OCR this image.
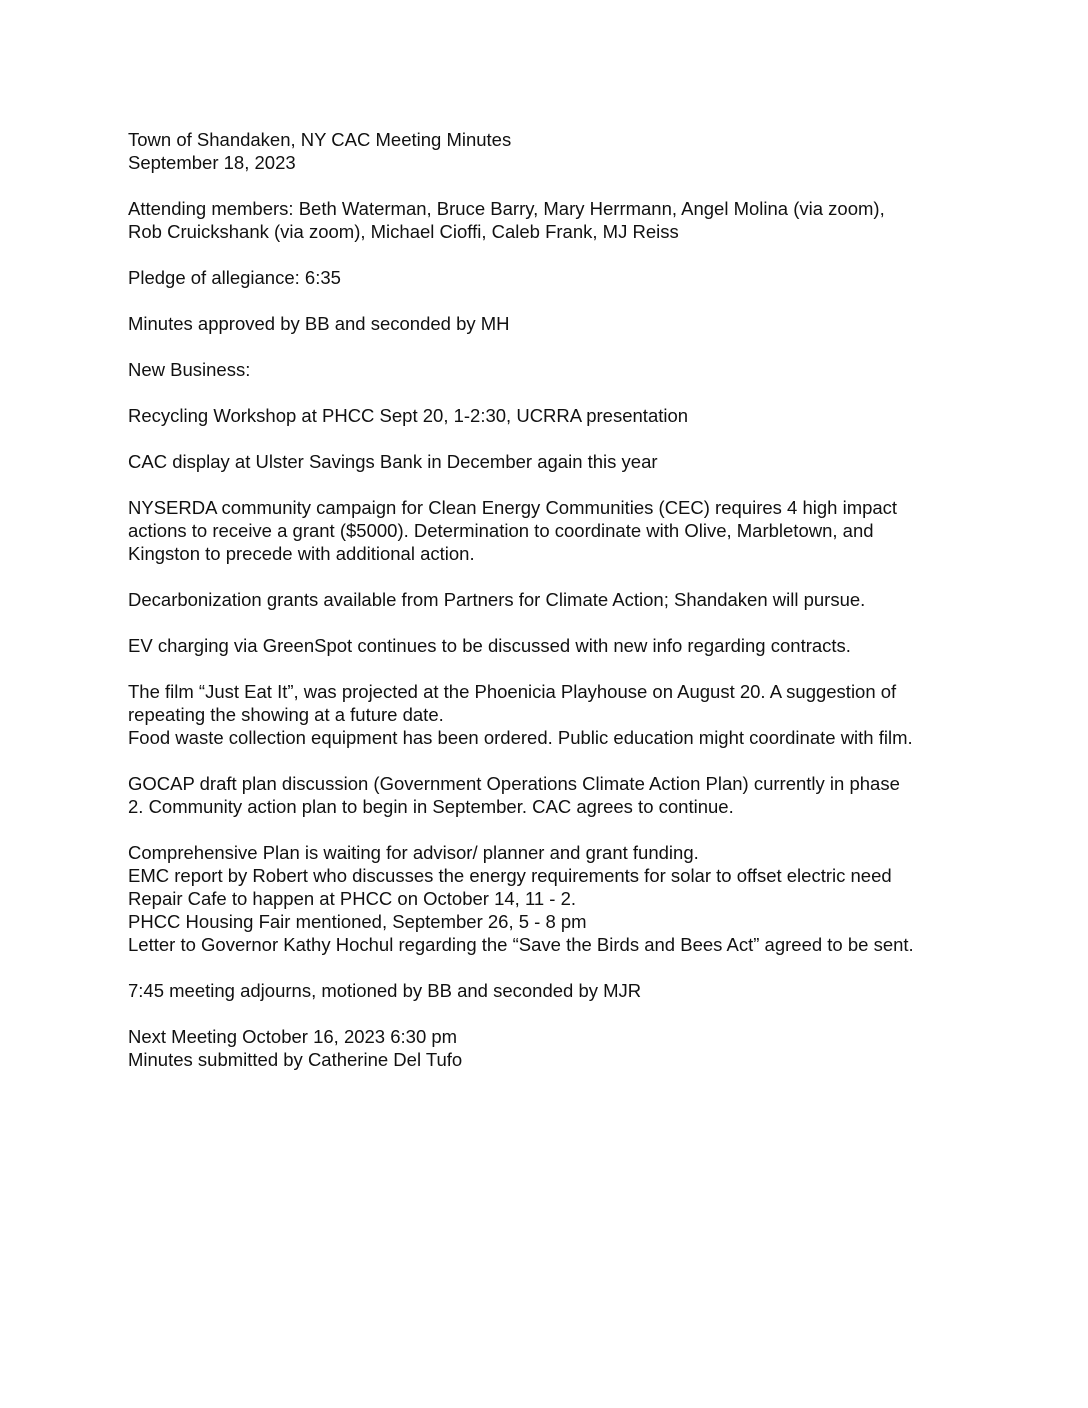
Town of Shandaken, NY CAC Meeting Minutes
September 18, 2023
Attending members: Beth Waterman, Bruce Barry, Mary Herrmann, Angel Molina (via zoom),
Rob Cruickshank (via zoom), Michael Cioffi, Caleb Frank, MJ Reiss
Pledge of allegiance: 6:35
Minutes approved by BB and seconded by MH
New Business:
Recycling Workshop at PHCC Sept 20, 1-2:30, UCRRA presentation
CAC display at Ulster Savings Bank in December again this year
NYSERDA community campaign for Clean Energy Communities (CEC) requires 4 high impact
actions to receive a grant ($5000). Determination to coordinate with Olive, Marbletown, and
Kingston to precede with additional action.
Decarbonization grants available from Partners for Climate Action; Shandaken will pursue.
EV charging via GreenSpot continues to be discussed with new info regarding contracts.
The film “Just Eat It”, was projected at the Phoenicia Playhouse on August 20. A suggestion of
repeating the showing at a future date.
Food waste collection equipment has been ordered. Public education might coordinate with film.
GOCAP draft plan discussion (Government Operations Climate Action Plan) currently in phase
2. Community action plan to begin in September. CAC agrees to continue.
Comprehensive Plan is waiting for advisor/ planner and grant funding.
EMC report by Robert who discusses the energy requirements for solar to offset electric need
Repair Cafe to happen at PHCC on October 14, 11 - 2.
PHCC Housing Fair mentioned, September 26, 5 - 8 pm
Letter to Governor Kathy Hochul regarding the “Save the Birds and Bees Act” agreed to be sent.
7:45 meeting adjourns, motioned by BB and seconded by MJR
Next Meeting October 16, 2023 6:30 pm
Minutes submitted by Catherine Del Tufo
